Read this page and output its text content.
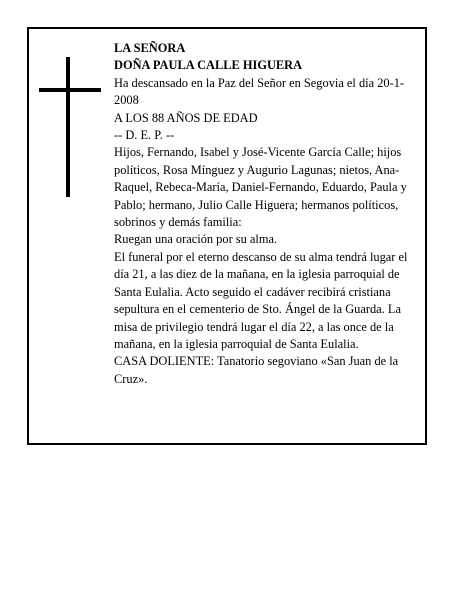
LA SEÑORA

DOÑA PAULA CALLE HIGUERA

Ha descansado en la Paz del Señor en Segovia el día 20-1-2008

A LOS 88 AÑOS DE EDAD

-- D. E. P. --

Hijos, Fernando, Isabel y José-Vicente García Calle; hijos políticos, Rosa Mínguez y Augurio Lagunas; nietos, Ana-Raquel, Rebeca-María, Daniel-Fernando, Eduardo, Paula y Pablo; hermano, Julio Calle Higuera; hermanos políticos, sobrinos y demás familia:

Ruegan una oración por su alma.

El funeral por el eterno descanso de su alma tendrá lugar el día 21, a las diez de la mañana, en la iglesia parroquial de Santa Eulalia. Acto seguido el cadáver recibirá cristiana sepultura en el cementerio de Sto. Ángel de la Guarda. La misa de privilegio tendrá lugar el día 22, a las once de la mañana, en la iglesia parroquial de Santa Eulalia.

CASA DOLIENTE: Tanatorio segoviano «San Juan de la Cruz».
